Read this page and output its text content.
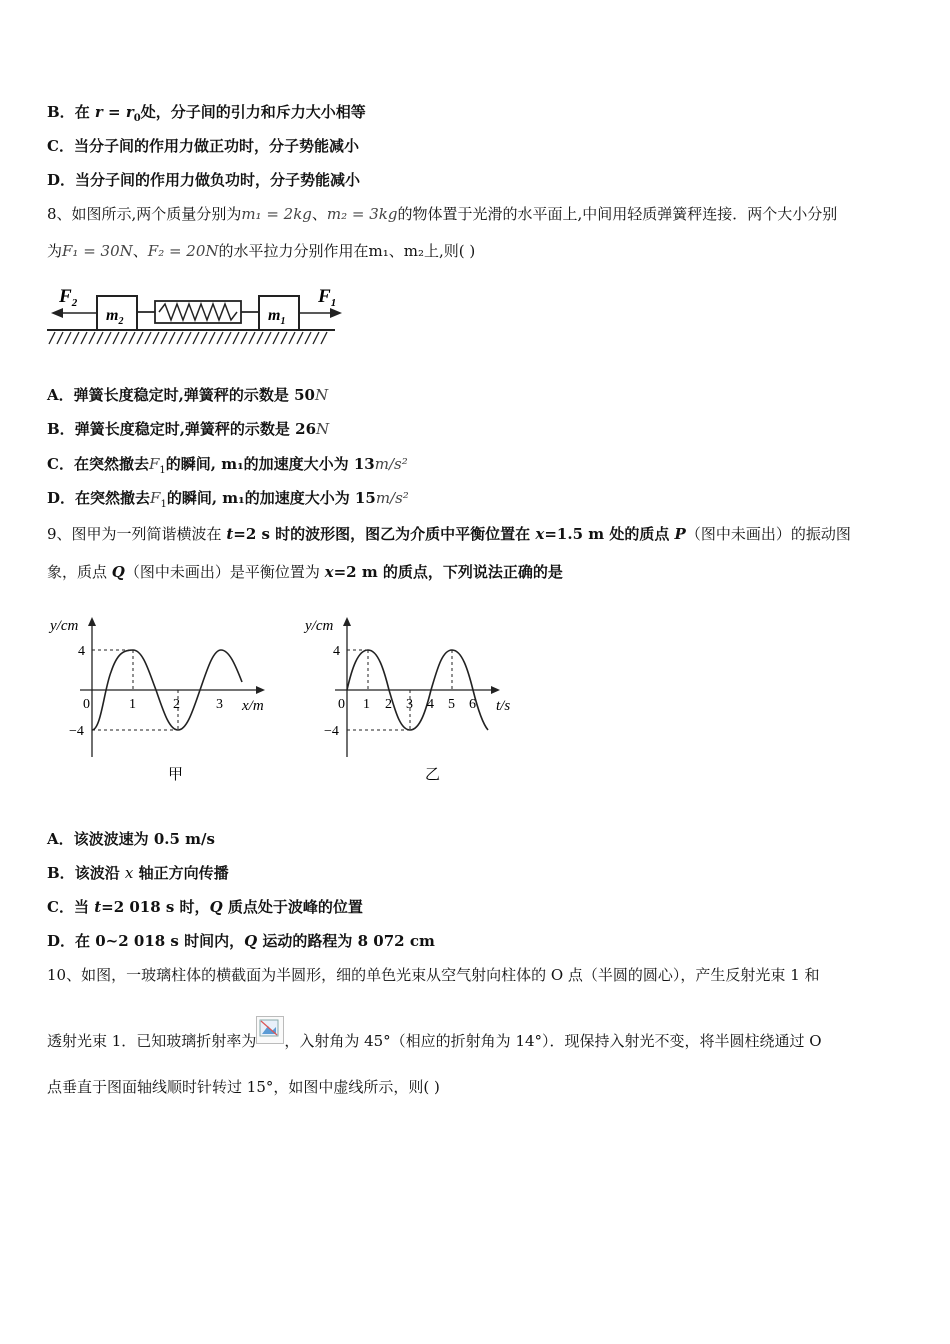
B．在 $r = r_0$处，分子间的引力和斥力大小相等
C．当分子间的作用力做正功时，分子势能减小
D．当分子间的作用力做负功时，分子势能减小
8、如图所示,两个质量分别为m₁ = 2kg、m₂ = 3kg的物体置于光滑的水平面上,中间用轻质弹簧秤连接．两个大小分别
为F₁ = 30N、F₂ = 20N的水平拉力分别作用在m₁、m₂上,则( )
$F_2$
$m_2$	$m_1$
$F_1$
A．弹簧长度稳定时,弹簧秤的示数是 50N
B．弹簧长度稳定时,弹簧秤的示数是 26N
C．在突然撤去$F_1$的瞬间, m₁的加速度大小为 13m/s²
D．在突然撤去$F_1$的瞬间, m₁的加速度大小为 15m/s²
9、图甲为一列简谐横波在 t=2 s 时的波形图，图乙为介质中平衡位置在 x=1.5 m 处的质点 P（图中未画出）的振动图
象，质点 Q（图中未画出）是平衡位置为 x=2 m 的质点，下列说法正确的是
y/cm
4
−4
0	1	2	3 x/m
甲
y/cm
4
−4
0 1 2 3 4 5 6 t/s
乙
A．该波波速为 0.5 m/s
B．该波沿 x 轴正方向传播
C．当 t=2 018 s 时，Q 质点处于波峰的位置
D．在 0~2 018 s 时间内，Q 运动的路程为 8 072 cm
10、如图，一玻璃柱体的横截面为半圆形，细的单色光束从空气射向柱体的 O 点（半圆的圆心），产生反射光束 1 和
透射光束 1．已知玻璃折射率为 ，入射角为 45°（相应的折射角为 14°）．现保持入射光不变，将半圆柱绕通过 O
点垂直于图面轴线顺时针转过 15°，如图中虚线所示，则( )
